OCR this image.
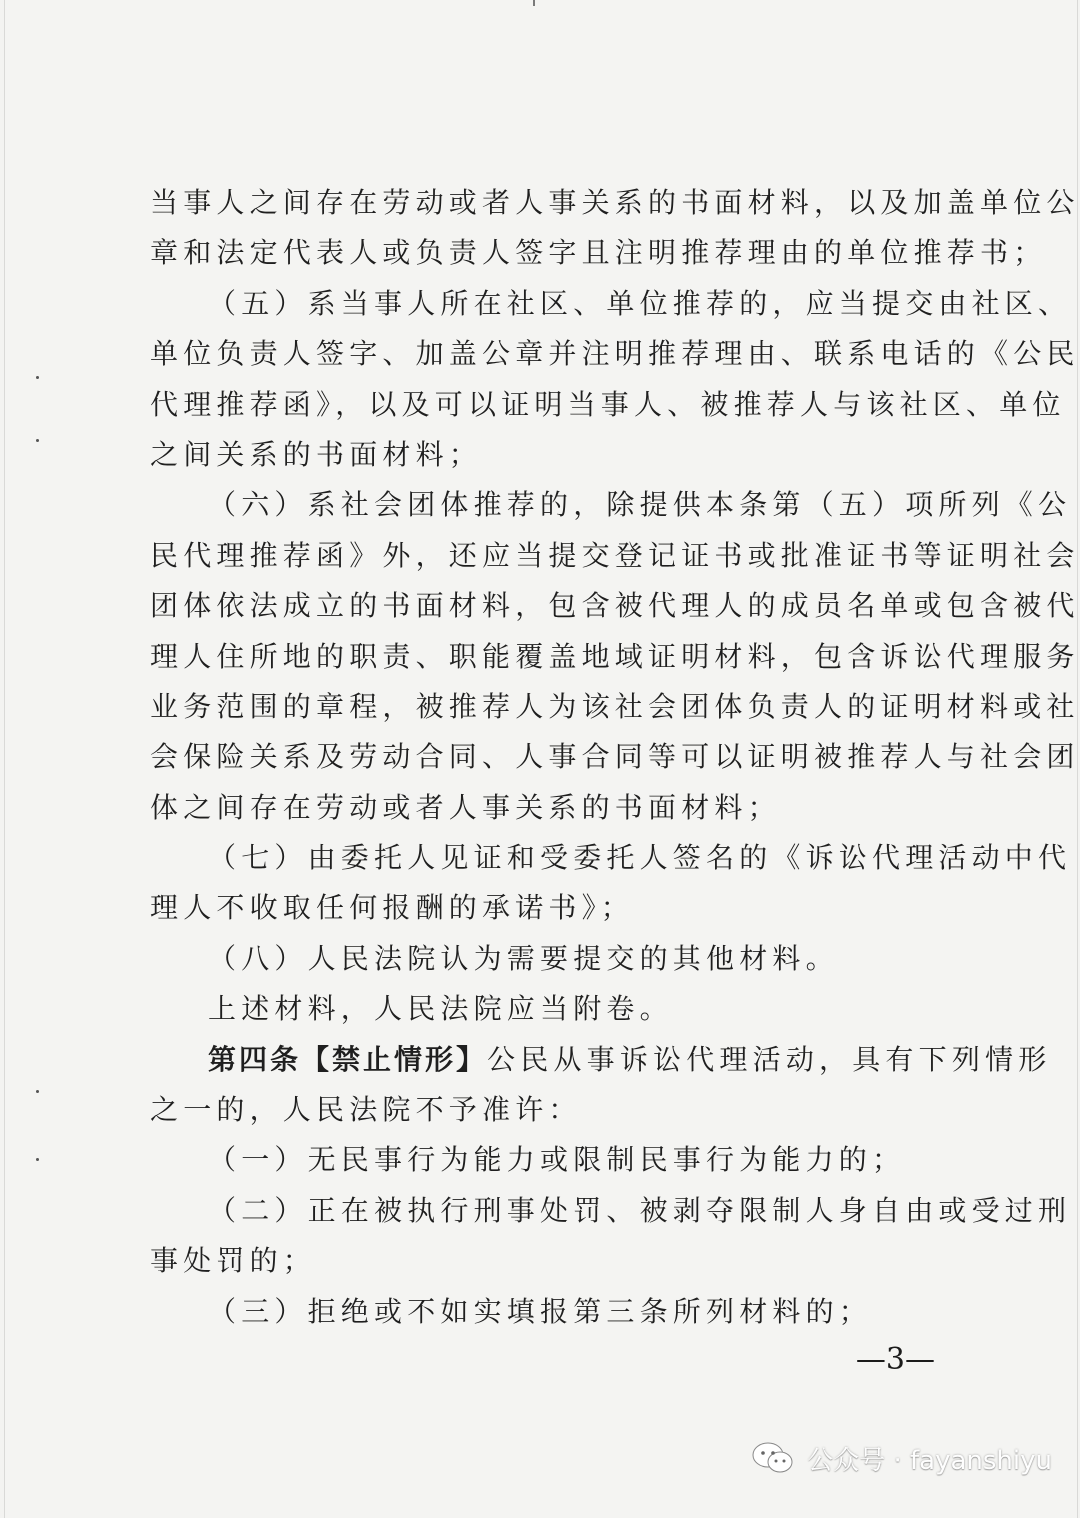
当事人之间存在劳动或者人事关系的书面材料，以及加盖单位公
章和法定代表人或负责人签字且注明推荐理由的单位推荐书；
（五）系当事人所在社区、单位推荐的，应当提交由社区、
单位负责人签字、加盖公章并注明推荐理由、联系电话的《公民
代理推荐函》，以及可以证明当事人、被推荐人与该社区、单位
之间关系的书面材料；
（六）系社会团体推荐的，除提供本条第（五）项所列《公
民代理推荐函》外，还应当提交登记证书或批准证书等证明社会
团体依法成立的书面材料，包含被代理人的成员名单或包含被代
理人住所地的职责、职能覆盖地域证明材料，包含诉讼代理服务
业务范围的章程，被推荐人为该社会团体负责人的证明材料或社
会保险关系及劳动合同、人事合同等可以证明被推荐人与社会团
体之间存在劳动或者人事关系的书面材料；
（七）由委托人见证和受委托人签名的《诉讼代理活动中代
理人不收取任何报酬的承诺书》；
（八）人民法院认为需要提交的其他材料。
上述材料，人民法院应当附卷。
第四条【禁止情形】公民从事诉讼代理活动，具有下列情形
之一的，人民法院不予准许：
（一）无民事行为能力或限制民事行为能力的；
（二）正在被执行刑事处罚、被剥夺限制人身自由或受过刑
事处罚的；
（三）拒绝或不如实填报第三条所列材料的；
—3—
公众号 · fayanshiyu
